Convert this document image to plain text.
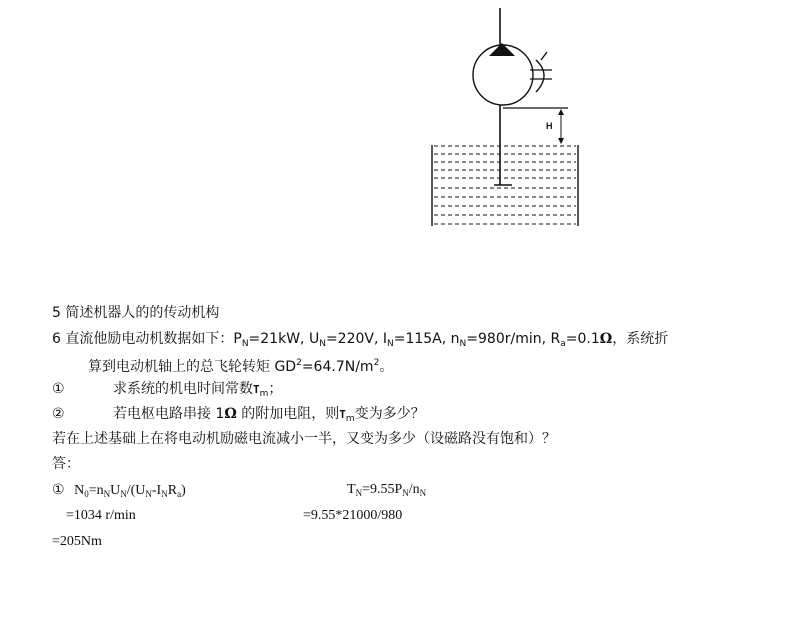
H
5 简述机器人的的传动机构
6 直流他励电动机数据如下：$P_N=21kW$, $U_N=220V$, $I_N=115A$, $n_N=980r/\min$, $R_a=0.1\Omega$，系统折
算到电动机轴上的总飞轮转矩 $GD^2=64.7N/m^2$。
①	求系统的机电时间常数$T_m$；
②	若电枢电路串接 1Ω 的附加电阻，则$T_m$变为多少？
若在上述基础上在将电动机励磁电流减小一半，又变为多少（设磁路没有饱和）？
答：
① $N_0=n_NU_N/(U_N-I_NR_a)$	$T_N=9.55P_N/n_N$
=1034 r/min	=9.55*21000/980
=205Nm
